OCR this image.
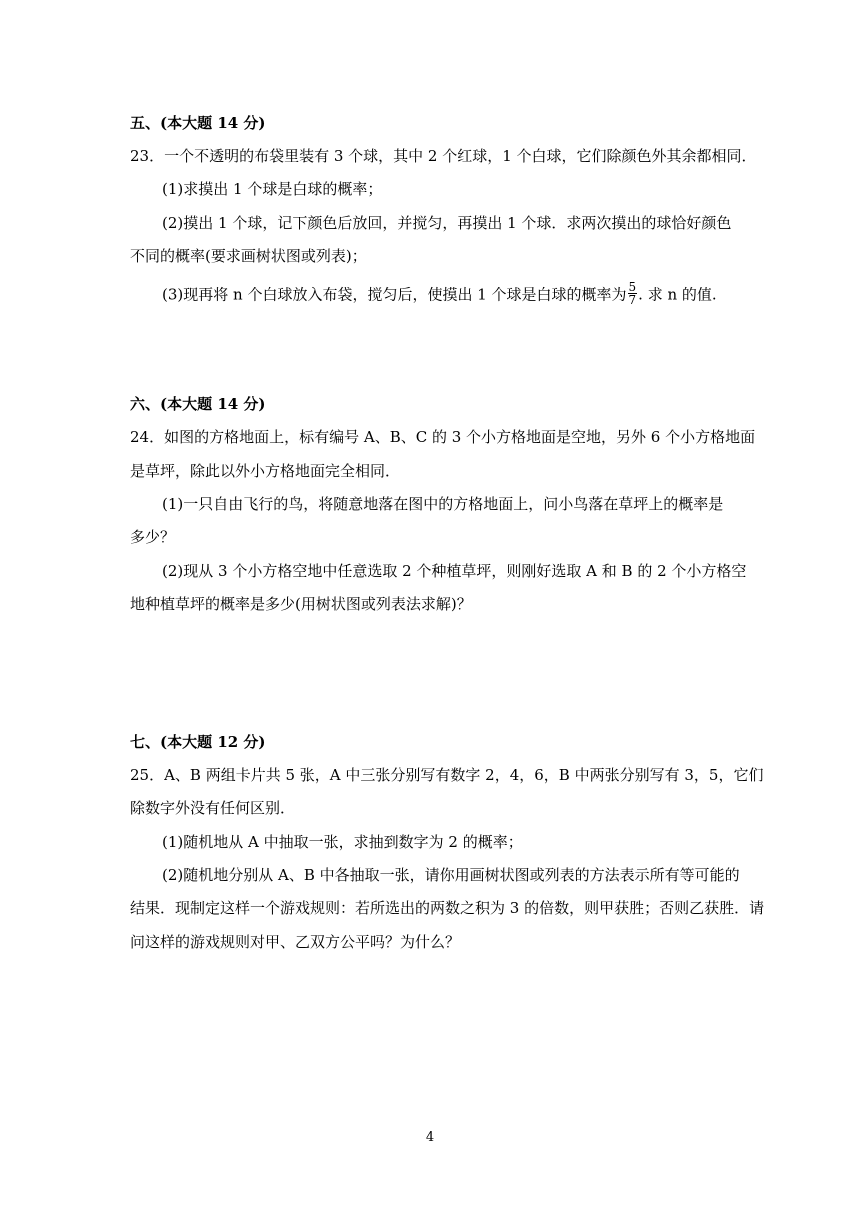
五、(本大题 14 分)
23．一个不透明的布袋里装有 3 个球，其中 2 个红球，1 个白球，它们除颜色外其余都相同．
(1)求摸出 1 个球是白球的概率；
(2)摸出 1 个球，记下颜色后放回，并搅匀，再摸出 1 个球．求两次摸出的球恰好颜色
不同的概率(要求画树状图或列表)；
(3)现再将 n 个白球放入布袋，搅匀后，使摸出 1 个球是白球的概率为 $\frac{5}{7}$ . 求 n 的值.
六、(本大题 14 分)
24．如图的方格地面上，标有编号 A、B、C 的 3 个小方格地面是空地，另外 6 个小方格地面
是草坪，除此以外小方格地面完全相同．
(1)一只自由飞行的鸟，将随意地落在图中的方格地面上，问小鸟落在草坪上的概率是
多少？
(2)现从 3 个小方格空地中任意选取 2 个种植草坪，则刚好选取 A 和 B 的 2 个小方格空
地种植草坪的概率是多少(用树状图或列表法求解)？
七、(本大题 12 分)
25．A、B 两组卡片共 5 张，A 中三张分别写有数字 2，4，6，B 中两张分别写有 3，5，它们
除数字外没有任何区别．
(1)随机地从 A 中抽取一张，求抽到数字为 2 的概率；
(2)随机地分别从 A、B 中各抽取一张，请你用画树状图或列表的方法表示所有等可能的
结果．现制定这样一个游戏规则：若所选出的两数之积为 3 的倍数，则甲获胜；否则乙获胜．请
问这样的游戏规则对甲、乙双方公平吗？为什么？
4
